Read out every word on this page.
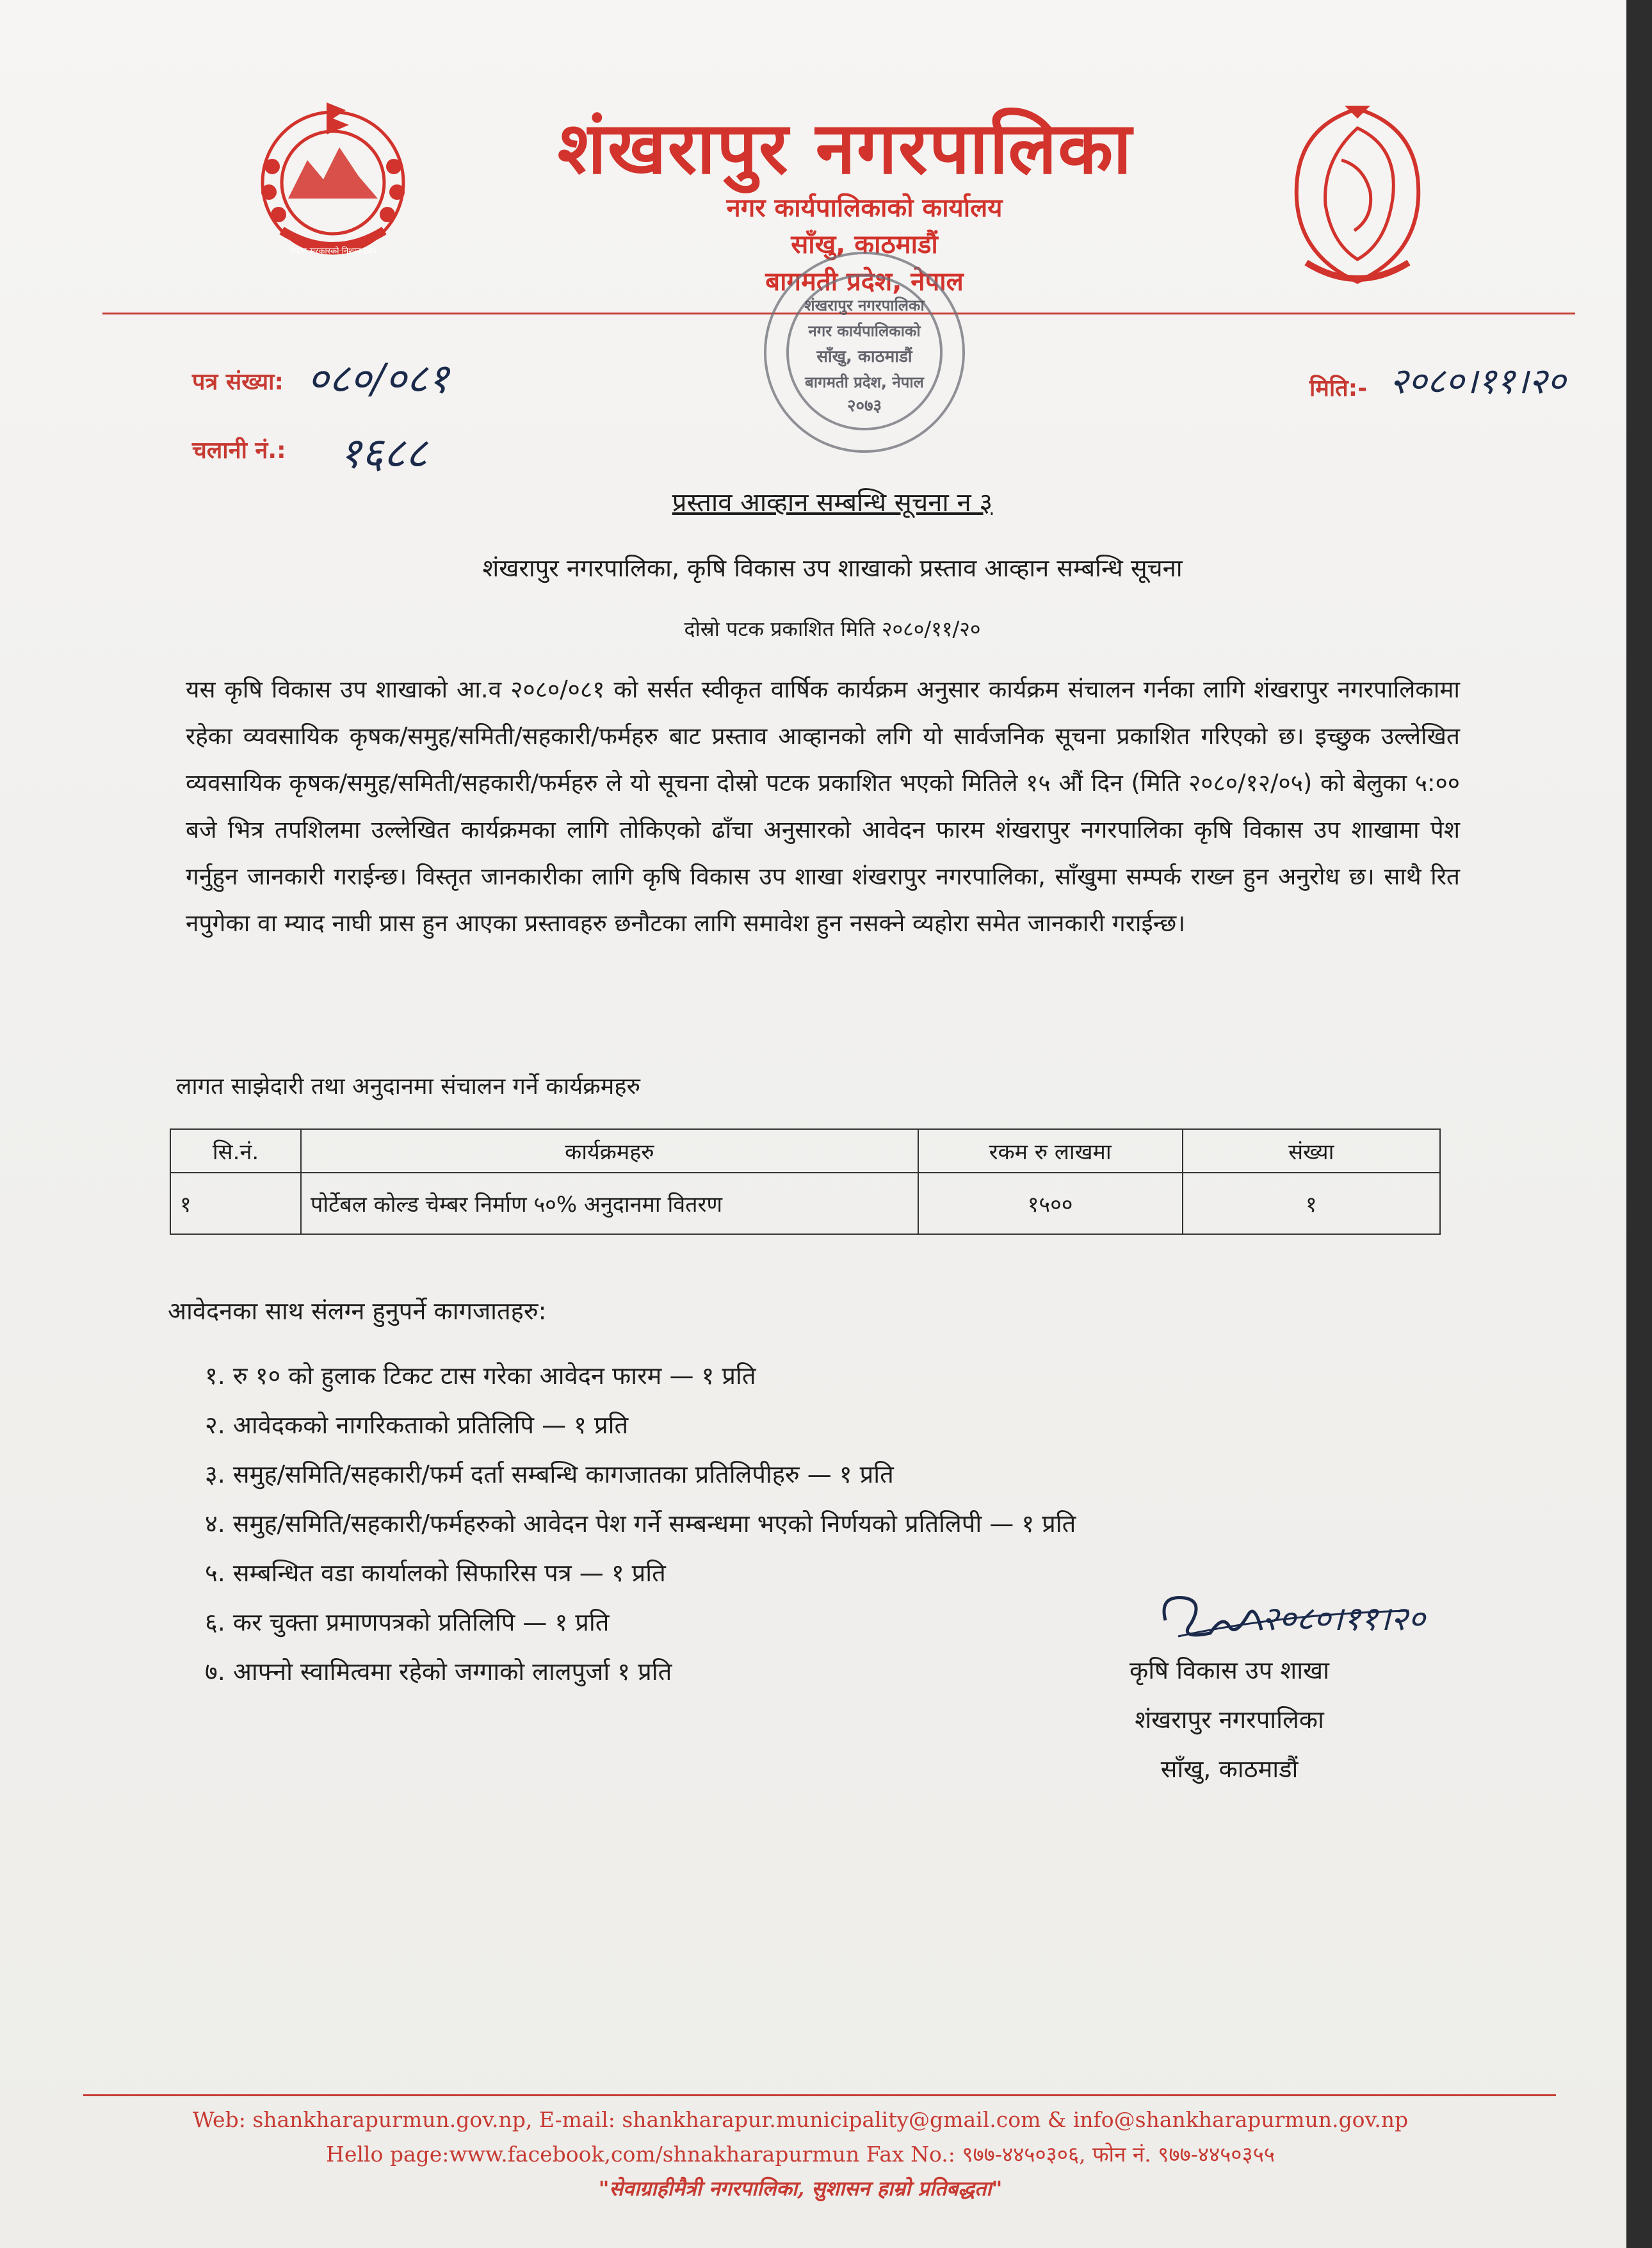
नेपाल सरकारको निशान छाप
शंखरापुर नगरपालिका
नगर कार्यपालिकाको कार्यालय
साँखु, काठमाडौं
बागमती प्रदेश, नेपाल
पत्र संख्या: ०८०/०८१
चलानी नं.: १६८८
मिति:- २०८०।११।२०
शंखरापुर नगरपालिका
नगर कार्यपालिकाको
साँखु, काठमाडौं
बागमती प्रदेश, नेपाल
२०७३
प्रस्ताव आव्हान सम्बन्धि सूचना न ३
शंखरापुर नगरपालिका, कृषि विकास उप शाखाको प्रस्ताव आव्हान सम्बन्धि सूचना
दोस्रो पटक प्रकाशित मिति २०८०/११/२०
यस कृषि विकास उप शाखाको आ.व २०८०/०८१ को सर्सत स्वीकृत वार्षिक कार्यक्रम अनुसार कार्यक्रम संचालन गर्नका लागि शंखरापुर नगरपालिकामा रहेका व्यवसायिक कृषक/समुह/समिती/सहकारी/फर्महरु बाट प्रस्ताव आव्हानको लगि यो सार्वजनिक सूचना प्रकाशित गरिएको छ। इच्छुक उल्लेखित व्यवसायिक कृषक/समुह/समिती/सहकारी/फर्महरु ले यो सूचना दोस्रो पटक प्रकाशित भएको मितिले १५ औं दिन (मिति २०८०/१२/०५) को बेलुका ५:०० बजे भित्र तपशिलमा उल्लेखित कार्यक्रमका लागि तोकिएको ढाँचा अनुसारको आवेदन फारम शंखरापुर नगरपालिका कृषि विकास उप शाखामा पेश गर्नुहुन जानकारी गराईन्छ। विस्तृत जानकारीका लागि कृषि विकास उप शाखा शंखरापुर नगरपालिका, साँखुमा सम्पर्क राख्न हुन अनुरोध छ। साथै रित नपुगेका वा म्याद नाघी प्रास हुन आएका प्रस्तावहरु छनौटका लागि समावेश हुन नसक्ने व्यहोरा समेत जानकारी गराईन्छ।
लागत साझेदारी तथा अनुदानमा संचालन गर्ने कार्यक्रमहरु
सि.नं.	कार्यक्रमहरु	रकम रु लाखमा	संख्या
१	पोर्टेबल कोल्ड चेम्बर निर्माण ५०% अनुदानमा वितरण	१५००	१
आवेदनका साथ संलग्न हुनुपर्ने कागजातहरु:
१. रु १० को हुलाक टिकट टास गरेका आवेदन फारम — १ प्रति
२. आवेदकको नागरिकताको प्रतिलिपि — १ प्रति
३. समुह/समिति/सहकारी/फर्म दर्ता सम्बन्धि कागजातका प्रतिलिपीहरु — १ प्रति
४. समुह/समिति/सहकारी/फर्महरुको आवेदन पेश गर्ने सम्बन्धमा भएको निर्णयको प्रतिलिपी — १ प्रति
५. सम्बन्धित वडा कार्यालको सिफारिस पत्र — १ प्रति
६. कर चुक्ता प्रमाणपत्रको प्रतिलिपि — १ प्रति
७. आफ्नो स्वामित्वमा रहेको जग्गाको लालपुर्जा १ प्रति
२०८०।११।२०
कृषि विकास उप शाखा
शंखरापुर नगरपालिका
साँखु, काठमाडौं
Web: shankharapurmun.gov.np, E-mail: shankharapur.municipality@gmail.com & info@shankharapurmun.gov.np
Hello page:www.facebook,com/shnakharapurmun Fax No.: ९७७-४४५०३०६, फोन नं. ९७७-४४५०३५५
"सेवाग्राहीमैत्री नगरपालिका, सुशासन हाम्रो प्रतिबद्धता"
